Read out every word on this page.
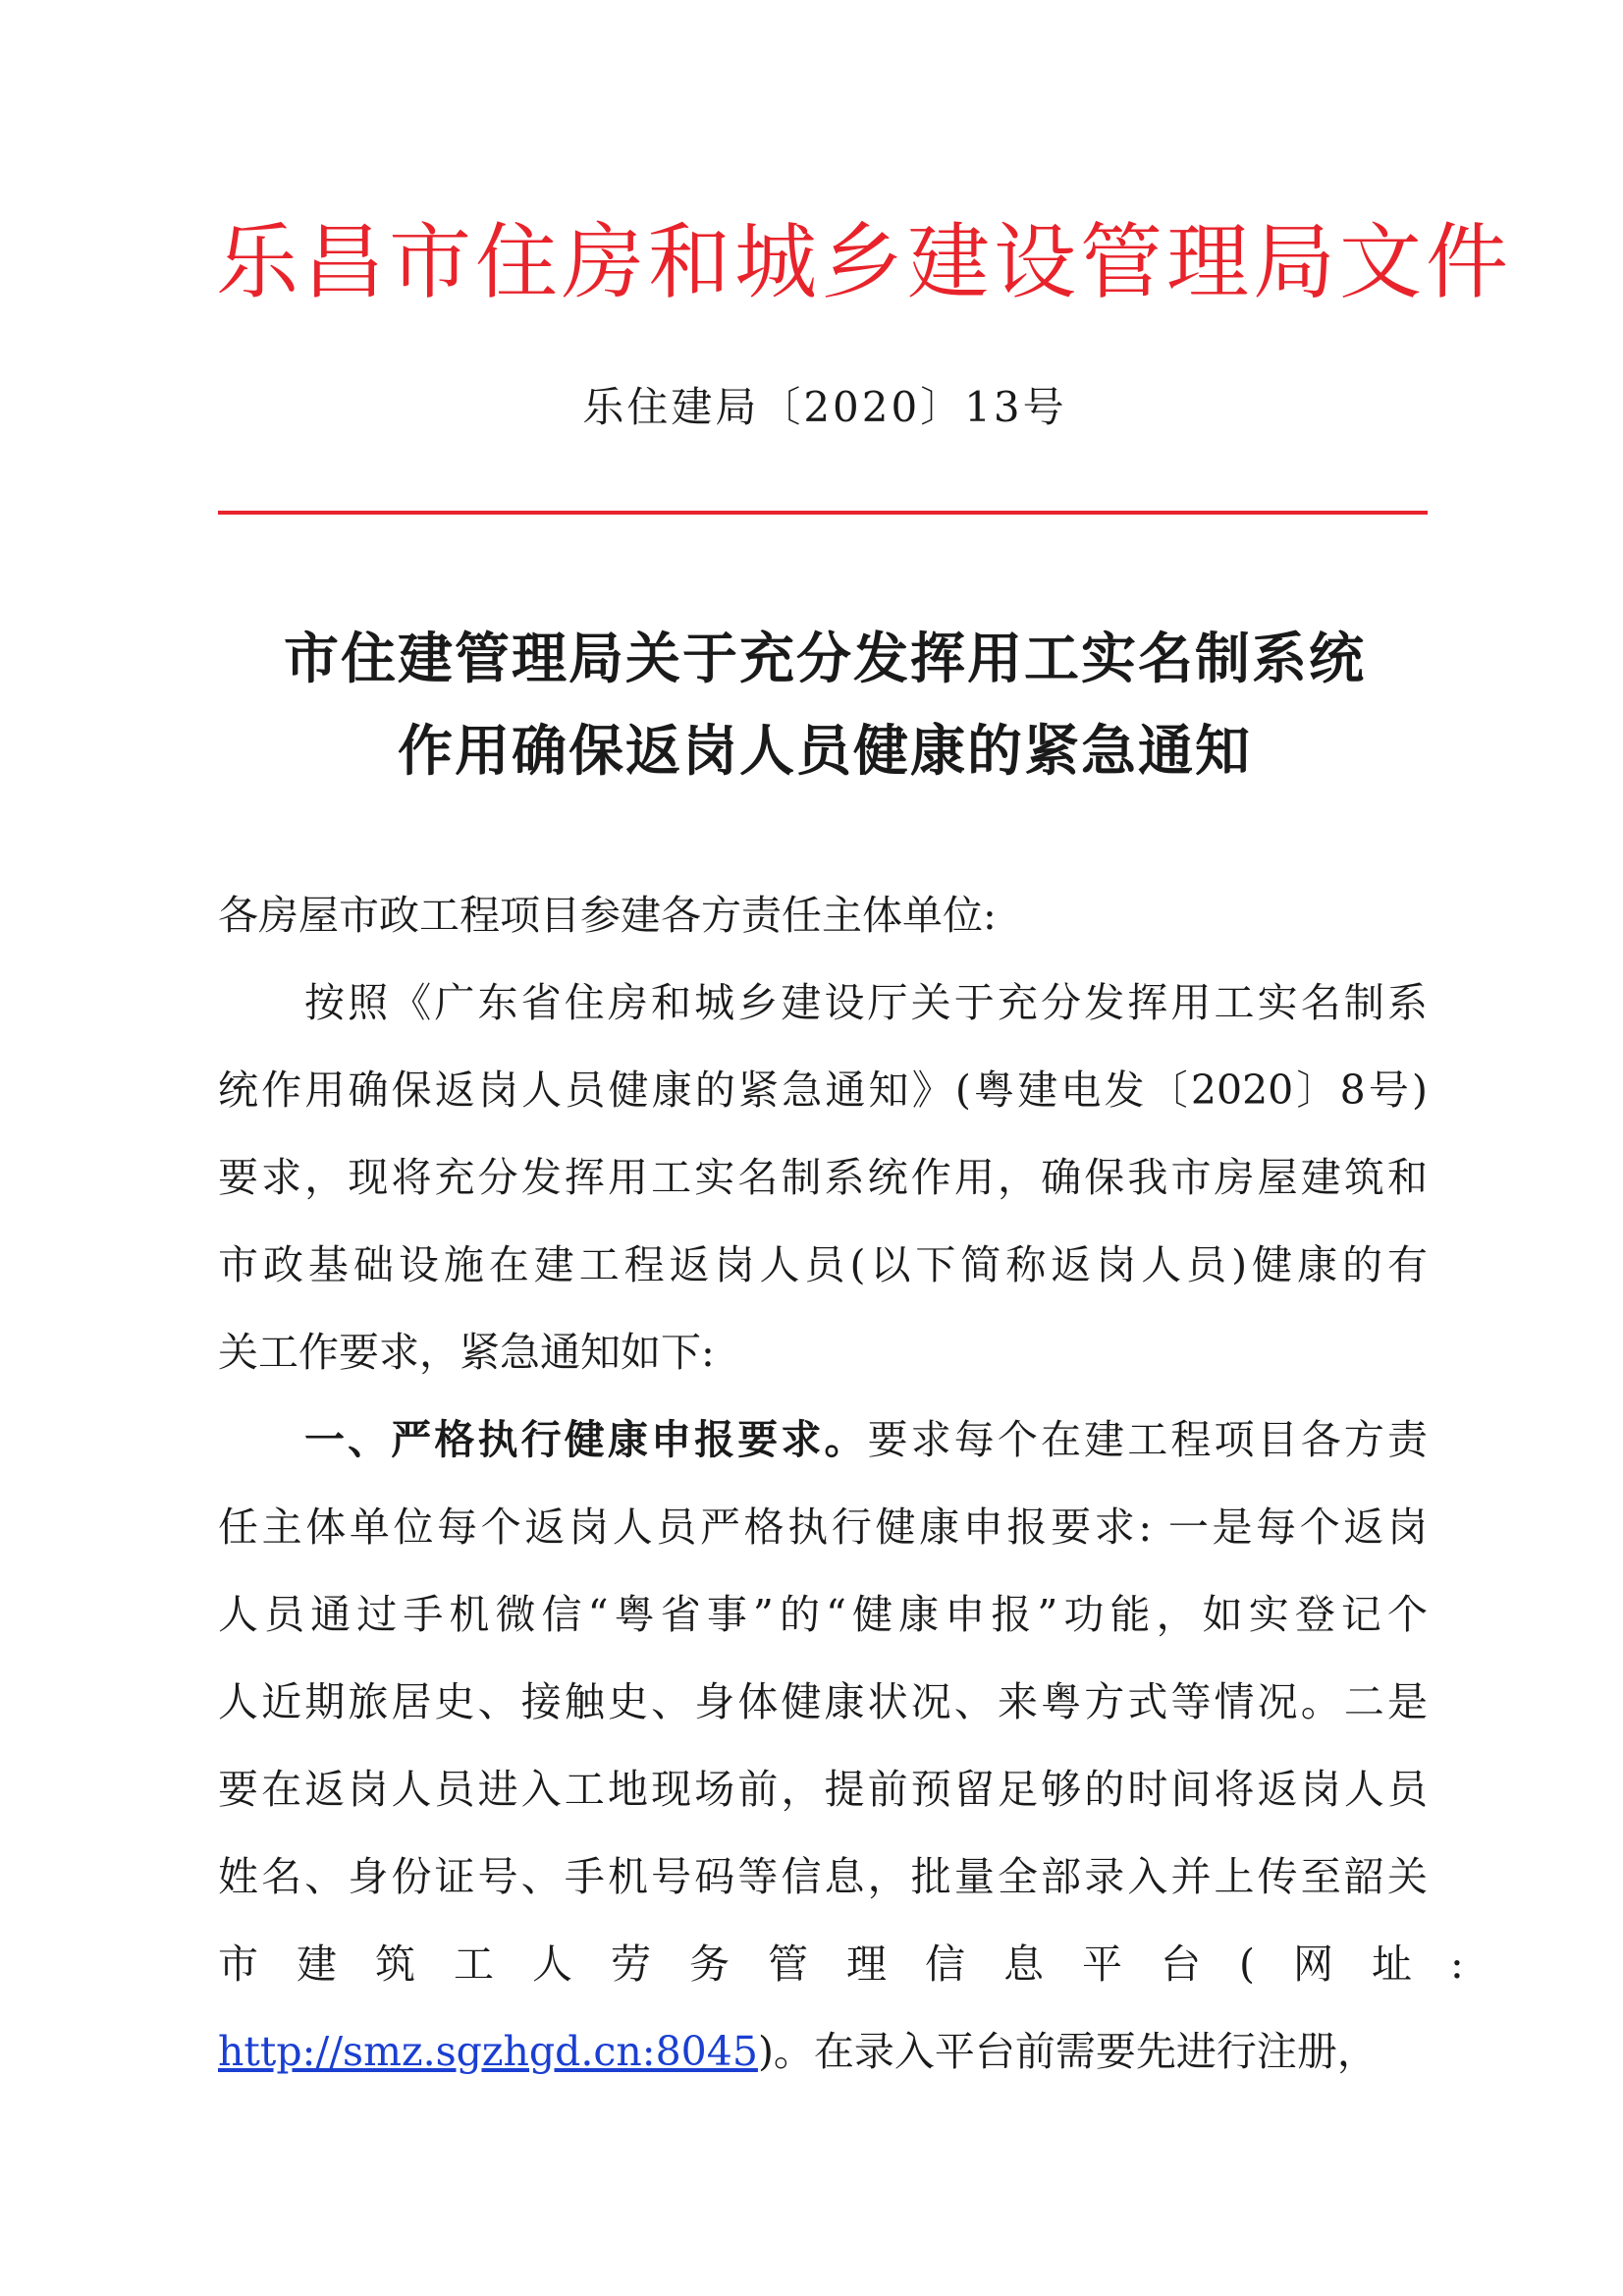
乐昌市住房和城乡建设管理局文件
乐住建局〔2020〕13号
市住建管理局关于充分发挥用工实名制系统
作用确保返岗人员健康的紧急通知
各房屋市政工程项目参建各方责任主体单位:
按照《广东省住房和城乡建设厅关于充分发挥用工实名制系
统作用确保返岗人员健康的紧急通知》(粤建电发〔2020〕8号)
要求，现将充分发挥用工实名制系统作用，确保我市房屋建筑和
市政基础设施在建工程返岗人员(以下简称返岗人员)健康的有
关工作要求，紧急通知如下:
一、严格执行健康申报要求。要求每个在建工程项目各方责
任主体单位每个返岗人员严格执行健康申报要求: 一是每个返岗
人员通过手机微信“粤省事”的“健康申报”功能，如实登记个
人近期旅居史、接触史、身体健康状况、来粤方式等情况。二是
要在返岗人员进入工地现场前，提前预留足够的时间将返岗人员
姓名、身份证号、手机号码等信息，批量全部录入并上传至韶关
市建筑工人劳务管理信息平台(网址:
http://smz.sgzhgd.cn:8045)。在录入平台前需要先进行注册，
